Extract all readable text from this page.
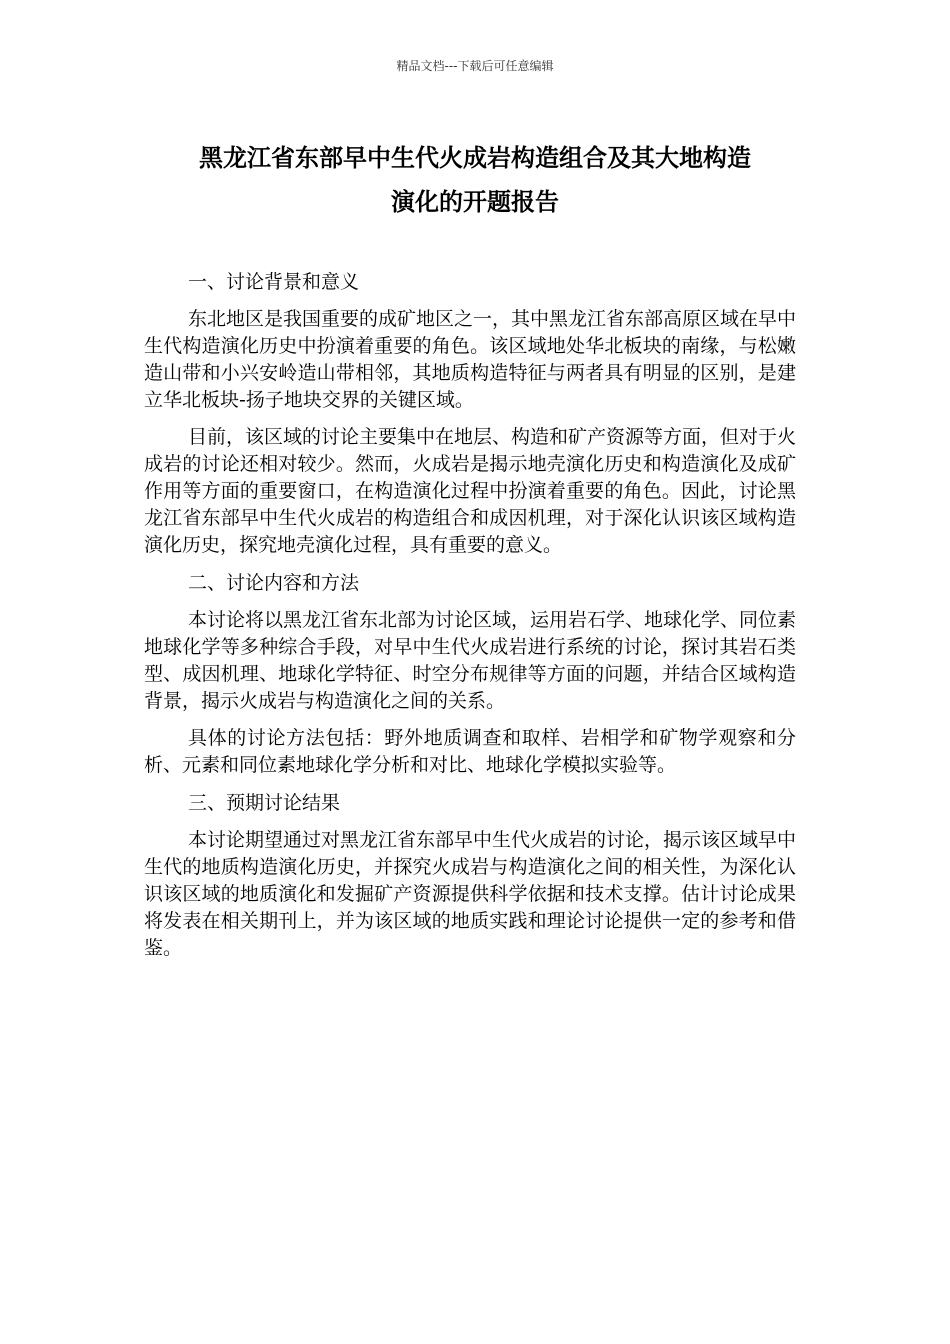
精品文档---下载后可任意编辑
黑龙江省东部早中生代火成岩构造组合及其大地构造
演化的开题报告
一、讨论背景和意义

东北地区是我国重要的成矿地区之一，其中黑龙江省东部高原区域在早中生代构造演化历史中扮演着重要的角色。该区域地处华北板块的南缘，与松嫩造山带和小兴安岭造山带相邻，其地质构造特征与两者具有明显的区别，是建立华北板块-扬子地块交界的关键区域。

目前，该区域的讨论主要集中在地层、构造和矿产资源等方面，但对于火成岩的讨论还相对较少。然而，火成岩是揭示地壳演化历史和构造演化及成矿作用等方面的重要窗口，在构造演化过程中扮演着重要的角色。因此，讨论黑龙江省东部早中生代火成岩的构造组合和成因机理，对于深化认识该区域构造演化历史，探究地壳演化过程，具有重要的意义。

二、讨论内容和方法

本讨论将以黑龙江省东北部为讨论区域，运用岩石学、地球化学、同位素地球化学等多种综合手段，对早中生代火成岩进行系统的讨论，探讨其岩石类型、成因机理、地球化学特征、时空分布规律等方面的问题，并结合区域构造背景，揭示火成岩与构造演化之间的关系。

具体的讨论方法包括：野外地质调查和取样、岩相学和矿物学观察和分析、元素和同位素地球化学分析和对比、地球化学模拟实验等。

三、预期讨论结果

本讨论期望通过对黑龙江省东部早中生代火成岩的讨论，揭示该区域早中生代的地质构造演化历史，并探究火成岩与构造演化之间的相关性，为深化认识该区域的地质演化和发掘矿产资源提供科学依据和技术支撑。估计讨论成果将发表在相关期刊上，并为该区域的地质实践和理论讨论提供一定的参考和借鉴。
